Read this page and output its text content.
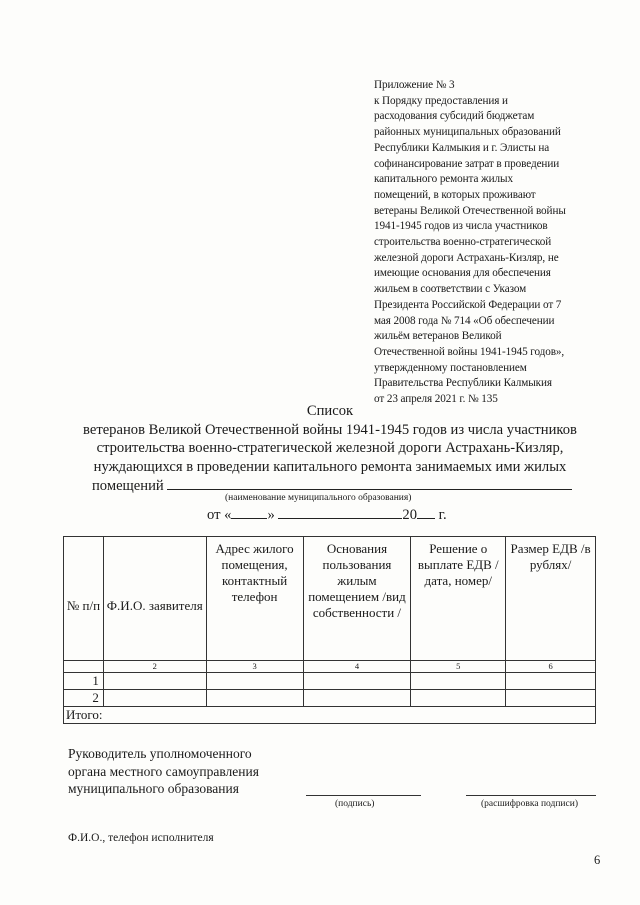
Приложение № 3
к Порядку предоставления и
расходования субсидий бюджетам
районных муниципальных образований
Республики Калмыкия и г. Элисты на
софинансирование затрат в проведении
капитального ремонта жилых
помещений, в которых проживают
ветераны Великой Отечественной войны
1941-1945 годов из числа участников
строительства военно-стратегической
железной дороги Астрахань-Кизляр, не
имеющие основания для обеспечения
жильем в соответствии с Указом
Президента Российской Федерации от 7
мая 2008 года № 714 «Об обеспечении
жильём ветеранов Великой
Отечественной войны 1941-1945 годов»,
утвержденному постановлением
Правительства Республики Калмыкия
от 23 апреля 2021 г. № 135
Список
ветеранов Великой Отечественной войны 1941-1945 годов из числа участников
строительства военно-стратегической железной дороги Астрахань-Кизляр,
нуждающихся в проведении капитального ремонта занимаемых ими жилых
помещений
(наименование муниципального образования)
от « »	20 г.
№ п/п	Ф.И.О. заявителя	Адрес жилого помещения, контактный телефон	Основания пользования жилым помещением /вид собственности /	Решение о выплате ЕДВ /дата, номер/	Размер ЕДВ /в рублях/
	2	3	4	5	6
1					
2					
Итого:					
Руководитель уполномоченного
органа местного самоуправления
муниципального образования
(подпись)	(расшифровка подписи)
Ф.И.О., телефон исполнителя
6
